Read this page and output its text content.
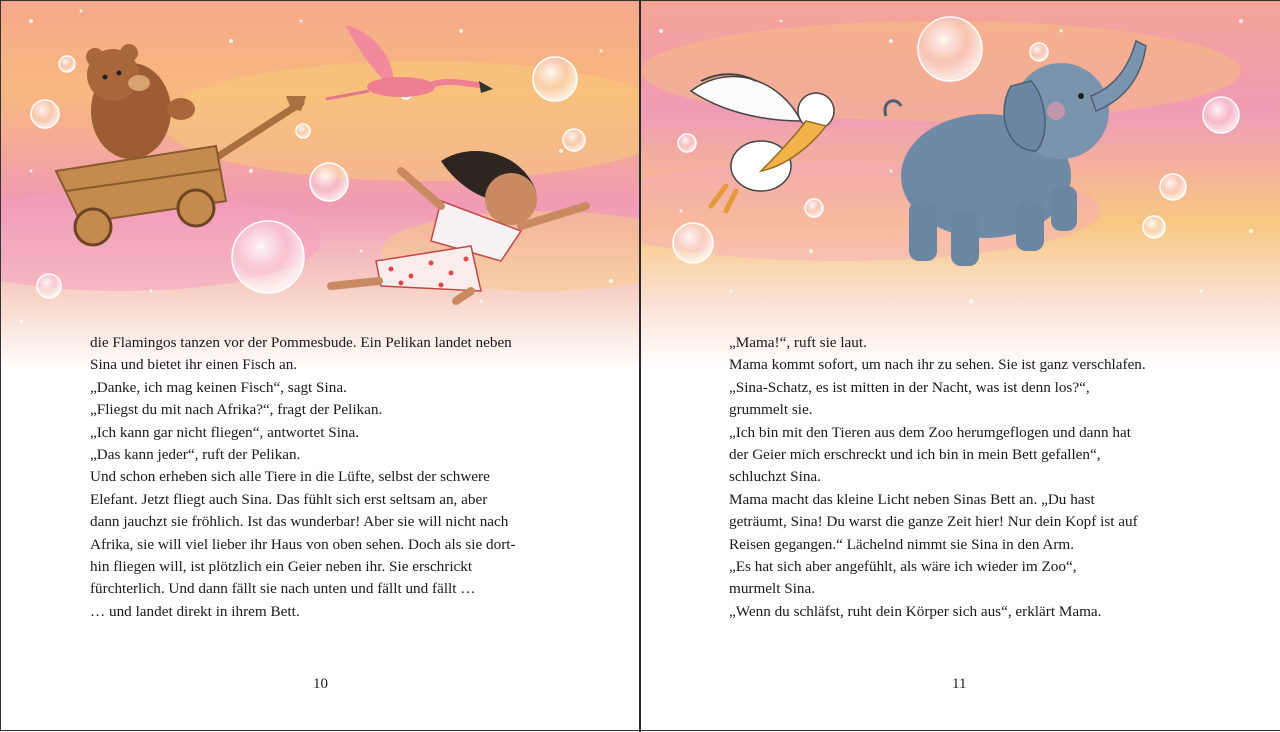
die Flamingos tanzen vor der Pommesbude. Ein Pelikan landet neben

Sina und bietet ihr einen Fisch an.

„Danke, ich mag keinen Fisch“, sagt Sina.

„Fliegst du mit nach Afrika?“, fragt der Pelikan.

„Ich kann gar nicht fliegen“, antwortet Sina.

„Das kann jeder“, ruft der Pelikan.

Und schon erheben sich alle Tiere in die Lüfte, selbst der schwere

Elefant. Jetzt fliegt auch Sina. Das fühlt sich erst seltsam an, aber

dann jauchzt sie fröhlich. Ist das wunderbar! Aber sie will nicht nach

Afrika, sie will viel lieber ihr Haus von oben sehen. Doch als sie dort-

hin fliegen will, ist plötzlich ein Geier neben ihr. Sie erschrickt

fürchterlich. Und dann fällt sie nach unten und fällt und fällt …

… und landet direkt in ihrem Bett.

10

„Mama!“, ruft sie laut.

Mama kommt sofort, um nach ihr zu sehen. Sie ist ganz verschlafen.

„Sina-Schatz, es ist mitten in der Nacht, was ist denn los?“,

grummelt sie.

„Ich bin mit den Tieren aus dem Zoo herumgeflogen und dann hat

der Geier mich erschreckt und ich bin in mein Bett gefallen“,

schluchzt Sina.

Mama macht das kleine Licht neben Sinas Bett an. „Du hast

geträumt, Sina! Du warst die ganze Zeit hier! Nur dein Kopf ist auf

Reisen gegangen.“ Lächelnd nimmt sie Sina in den Arm.

„Es hat sich aber angefühlt, als wäre ich wieder im Zoo“,

murmelt Sina.

„Wenn du schläfst, ruht dein Körper sich aus“, erklärt Mama.

11
